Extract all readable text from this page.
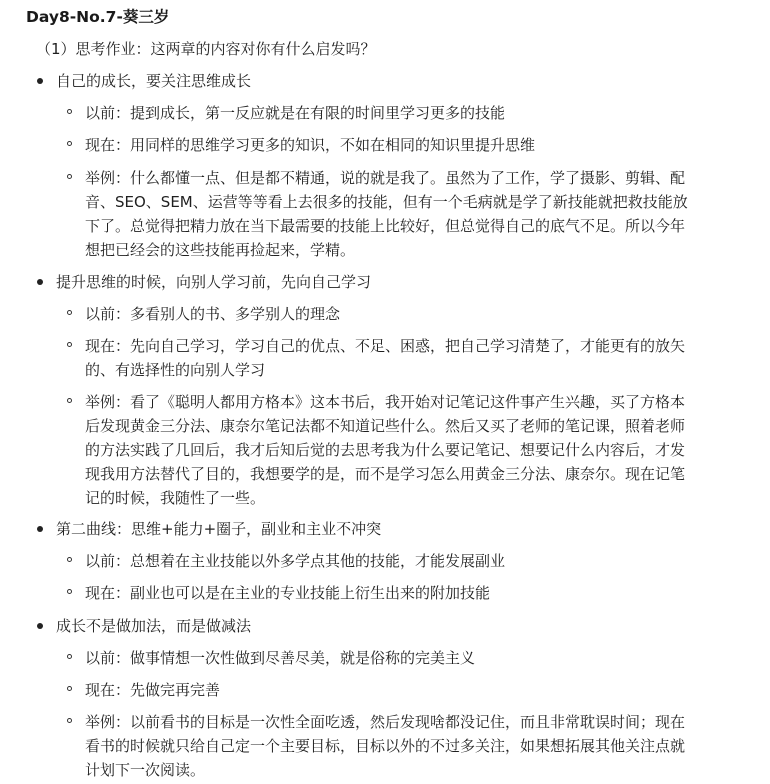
Day8-No.7-葵三岁

（1）思考作业：这两章的内容对你有什么启发吗？

自己的成长，要关注思维成长
以前：提到成长，第一反应就是在有限的时间里学习更多的技能
现在：用同样的思维学习更多的知识，不如在相同的知识里提升思维
举例：什么都懂一点、但是都不精通，说的就是我了。虽然为了工作，学了摄影、剪辑、配
音、SEO、SEM、运营等等看上去很多的技能，但有一个毛病就是学了新技能就把救技能放
下了。总觉得把精力放在当下最需要的技能上比较好，但总觉得自己的底气不足。所以今年
想把已经会的这些技能再捡起来，学精。
提升思维的时候，向别人学习前，先向自己学习
以前：多看别人的书、多学别人的理念
现在：先向自己学习，学习自己的优点、不足、困惑，把自己学习清楚了，才能更有的放矢
的、有选择性的向别人学习
举例：看了《聪明人都用方格本》这本书后，我开始对记笔记这件事产生兴趣，买了方格本
后发现黄金三分法、康奈尔笔记法都不知道记些什么。然后又买了老师的笔记课，照着老师
的方法实践了几回后，我才后知后觉的去思考我为什么要记笔记、想要记什么内容后，才发
现我用方法替代了目的，我想要学的是，而不是学习怎么用黄金三分法、康奈尔。现在记笔
记的时候，我随性了一些。
第二曲线：思维+能力+圈子，副业和主业不冲突
以前：总想着在主业技能以外多学点其他的技能，才能发展副业
现在：副业也可以是在主业的专业技能上衍生出来的附加技能
成长不是做加法，而是做减法
以前：做事情想一次性做到尽善尽美，就是俗称的完美主义
现在：先做完再完善
举例：以前看书的目标是一次性全面吃透，然后发现啥都没记住，而且非常耽误时间；现在
看书的时候就只给自己定一个主要目标，目标以外的不过多关注，如果想拓展其他关注点就
计划下一次阅读。
